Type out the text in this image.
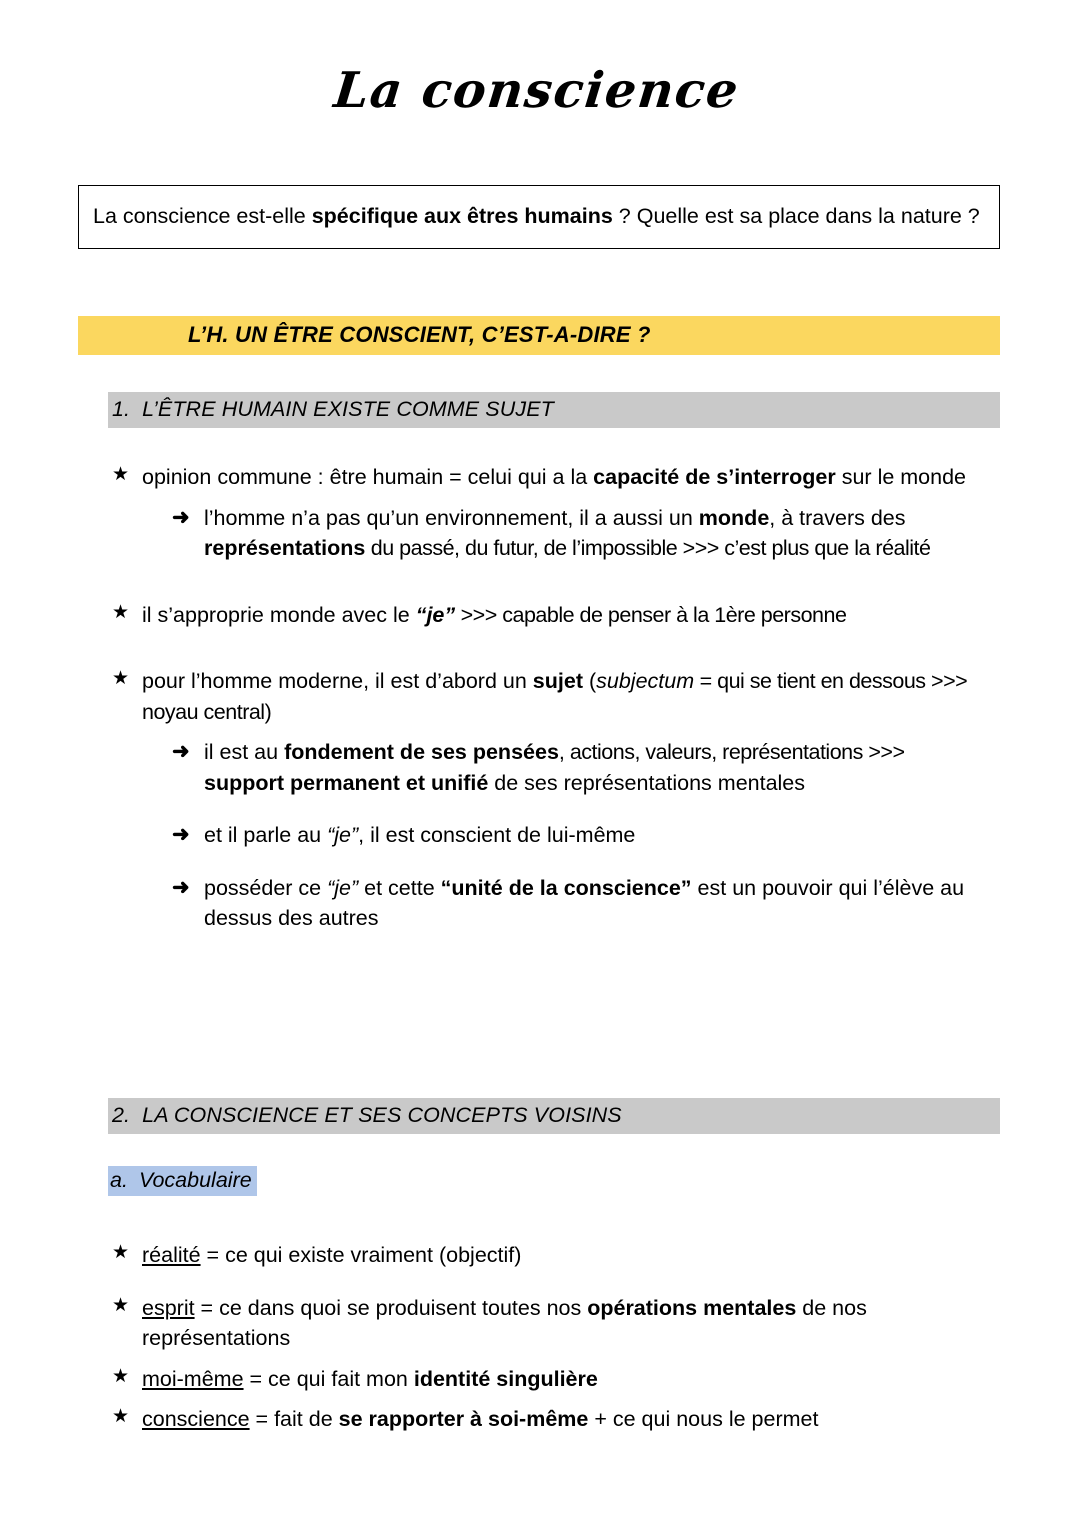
La conscience
La conscience est-elle spécifique aux êtres humains ? Quelle est sa place dans la nature ?
L’H. UN ÊTRE CONSCIENT, C’EST-A-DIRE ?
1. L’ÊTRE HUMAIN EXISTE COMME SUJET
★ opinion commune : être humain = celui qui a la capacité de s’interroger sur le monde
➜ l’homme n’a pas qu’un environnement, il a aussi un monde, à travers des représentations du passé, du futur, de l’impossible >>> c’est plus que la réalité
★ il s’approprie monde avec le “je” >>> capable de penser à la 1ère personne
★ pour l’homme moderne, il est d’abord un sujet (subjectum = qui se tient en dessous >>> noyau central)
➜ il est au fondement de ses pensées, actions, valeurs, représentations >>> support permanent et unifié de ses représentations mentales
➜ et il parle au “je”, il est conscient de lui-même
➜ posséder ce “je” et cette “unité de la conscience” est un pouvoir qui l’élève au dessus des autres
2. LA CONSCIENCE ET SES CONCEPTS VOISINS
a. Vocabulaire
★ réalité = ce qui existe vraiment (objectif)
★ esprit = ce dans quoi se produisent toutes nos opérations mentales de nos représentations
★ moi-même = ce qui fait mon identité singulière
★ conscience = fait de se rapporter à soi-même + ce qui nous le permet
